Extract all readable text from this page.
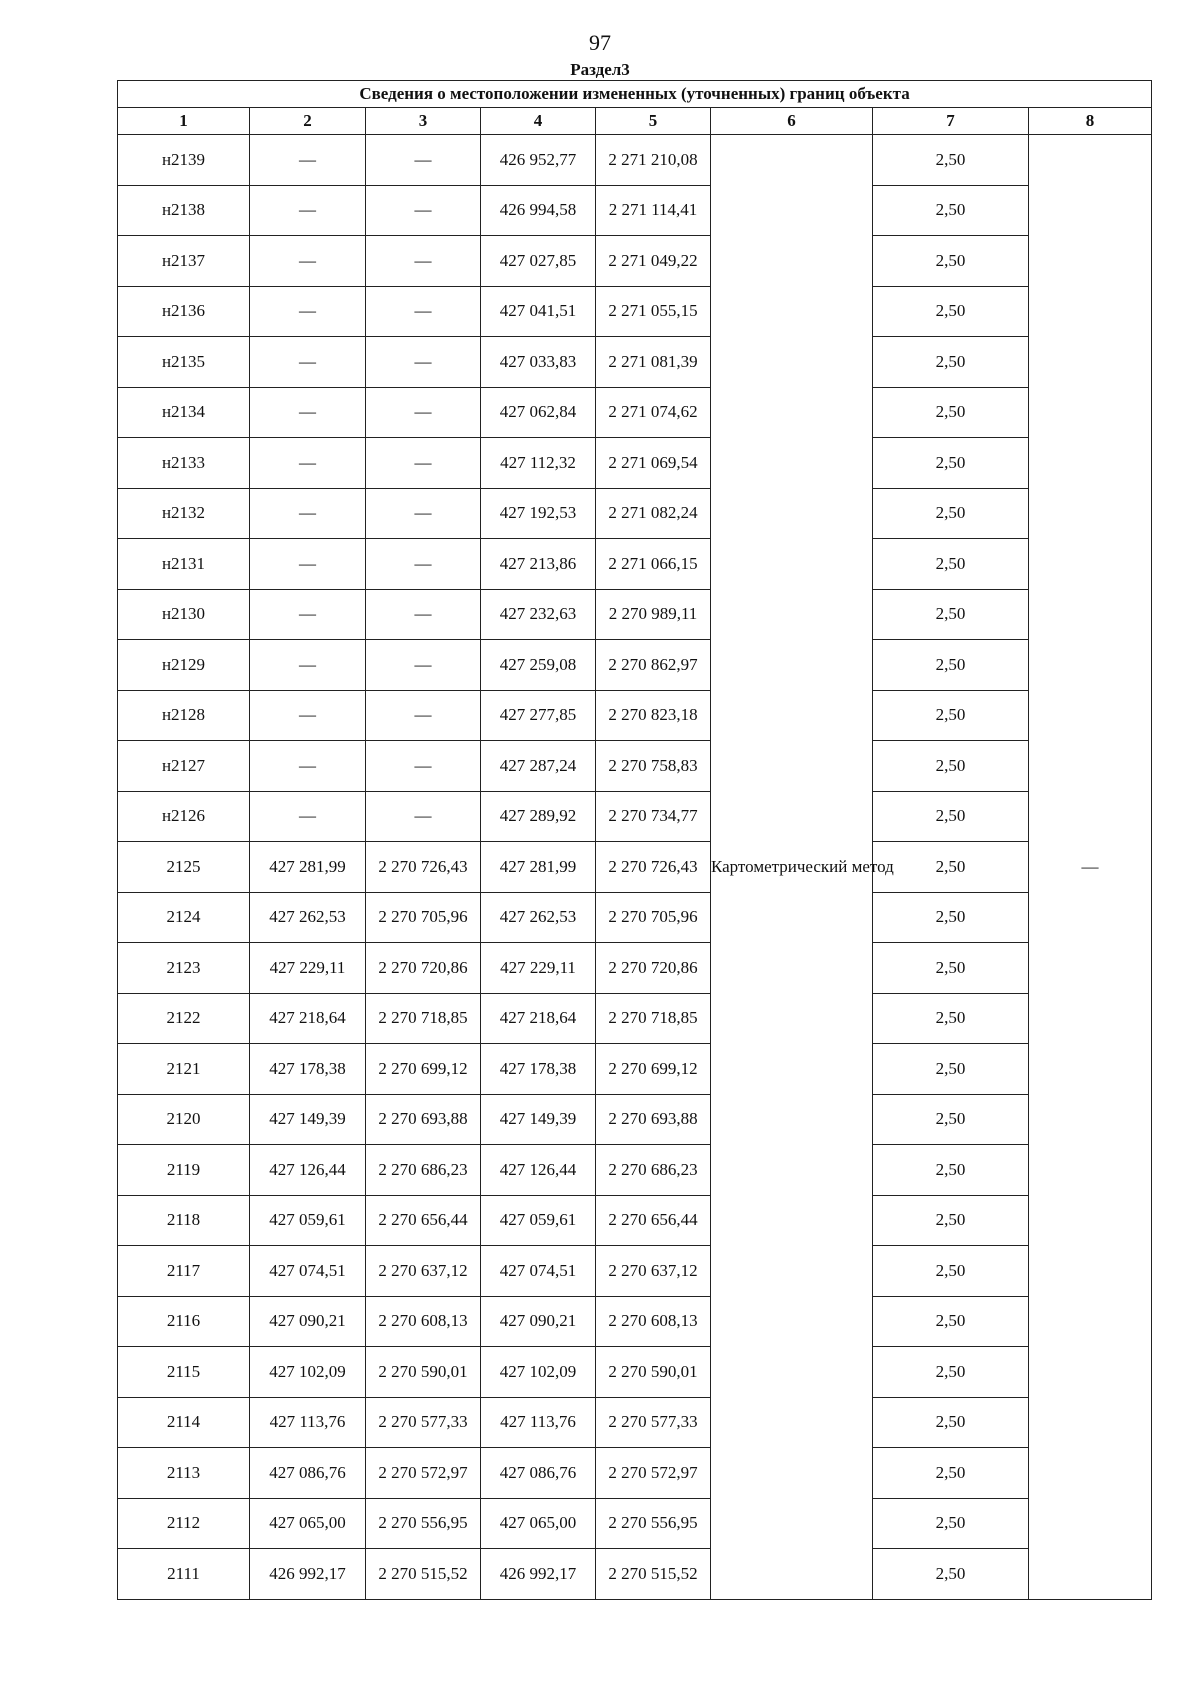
97
Раздел3
Сведения о местоположении измененных (уточненных) границ объекта							
1	2	3	4	5	6	7	8
н2139	—	—	426 952,77	2 271 210,08	Картометрический метод	2,50	—
н2138	—	—	426 994,58	2 271 114,41		2,50	
н2137	—	—	427 027,85	2 271 049,22		2,50	
н2136	—	—	427 041,51	2 271 055,15		2,50	
н2135	—	—	427 033,83	2 271 081,39		2,50	
н2134	—	—	427 062,84	2 271 074,62		2,50	
н2133	—	—	427 112,32	2 271 069,54		2,50	
н2132	—	—	427 192,53	2 271 082,24		2,50	
н2131	—	—	427 213,86	2 271 066,15		2,50	
н2130	—	—	427 232,63	2 270 989,11		2,50	
н2129	—	—	427 259,08	2 270 862,97		2,50	
н2128	—	—	427 277,85	2 270 823,18		2,50	
н2127	—	—	427 287,24	2 270 758,83		2,50	
н2126	—	—	427 289,92	2 270 734,77		2,50	
2125	427 281,99	2 270 726,43	427 281,99	2 270 726,43		2,50	
2124	427 262,53	2 270 705,96	427 262,53	2 270 705,96		2,50	
2123	427 229,11	2 270 720,86	427 229,11	2 270 720,86		2,50	
2122	427 218,64	2 270 718,85	427 218,64	2 270 718,85		2,50	
2121	427 178,38	2 270 699,12	427 178,38	2 270 699,12		2,50	
2120	427 149,39	2 270 693,88	427 149,39	2 270 693,88		2,50	
2119	427 126,44	2 270 686,23	427 126,44	2 270 686,23		2,50	
2118	427 059,61	2 270 656,44	427 059,61	2 270 656,44		2,50	
2117	427 074,51	2 270 637,12	427 074,51	2 270 637,12		2,50	
2116	427 090,21	2 270 608,13	427 090,21	2 270 608,13		2,50	
2115	427 102,09	2 270 590,01	427 102,09	2 270 590,01		2,50	
2114	427 113,76	2 270 577,33	427 113,76	2 270 577,33		2,50	
2113	427 086,76	2 270 572,97	427 086,76	2 270 572,97		2,50	
2112	427 065,00	2 270 556,95	427 065,00	2 270 556,95		2,50	
2111	426 992,17	2 270 515,52	426 992,17	2 270 515,52		2,50	
